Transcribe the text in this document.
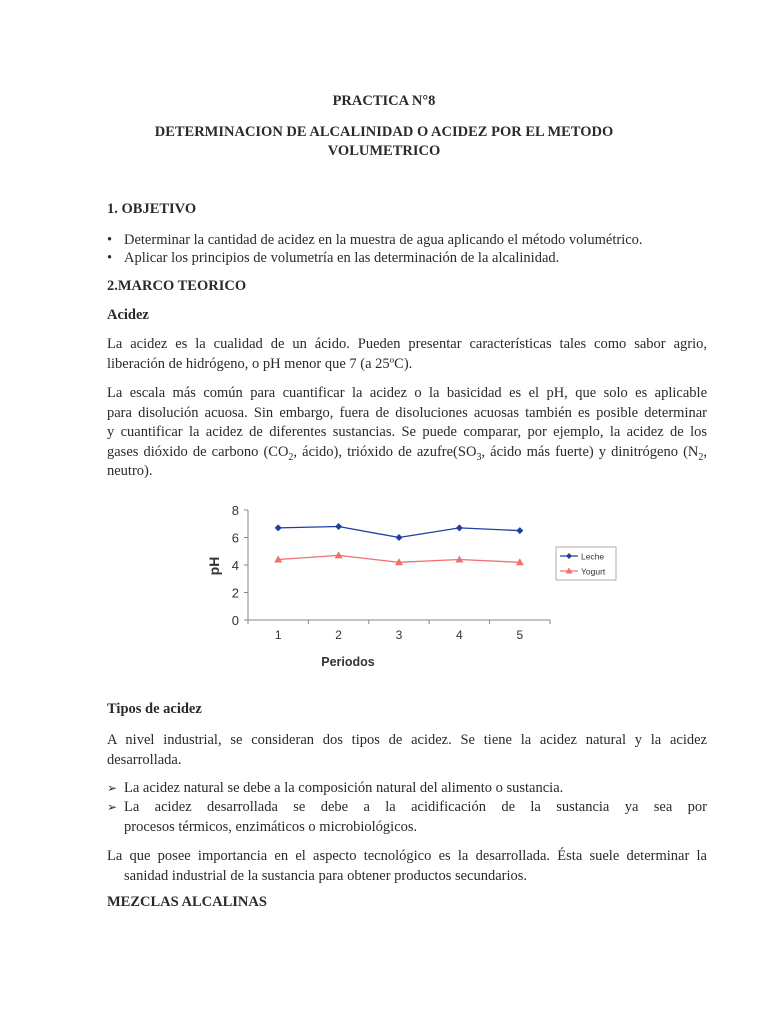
PRACTICA N°8

DETERMINACION DE ALCALINIDAD O ACIDEZ POR EL METODO

VOLUMETRICO

1. OBJETIVO

• Determinar la cantidad de acidez en la muestra de agua aplicando el método volumétrico.
• Aplicar los principios de volumetría en las determinación de la alcalinidad.

2.MARCO TEORICO

Acidez

La acidez es la cualidad de un ácido. Pueden presentar características tales como sabor agrio,
liberación de hidrógeno, o pH menor que 7 (a 25ºC).
La escala más común para cuantificar la acidez o la basicidad es el pH, que solo es aplicable
para disolución acuosa. Sin embargo, fuera de disoluciones acuosas también es posible determinar
y cuantificar la acidez de diferentes sustancias. Se puede comparar, por ejemplo, la acidez de los
gases dióxido de carbono ($CO_2$, ácido), trióxido de $azufre(SO_3$, ácido más fuerte) y dinitrógeno ($N_2$,
neutro).
0
2
4
6
8
1	2	3	4	5
Leche
Yogurt
Periodos
pH

Tipos de acidez

A nivel industrial, se consideran dos tipos de acidez. Se tiene la acidez natural y la acidez
desarrollada.
➢ La acidez natural se debe a la composición natural del alimento o sustancia.
➢ La acidez desarrollada se debe a la acidificación de la sustancia ya sea por
procesos térmicos, enzimáticos o microbiológicos.
La que posee importancia en el aspecto tecnológico es la desarrollada. Ésta suele determinar la
sanidad industrial de la sustancia para obtener productos secundarios.

MEZCLAS ALCALINAS
